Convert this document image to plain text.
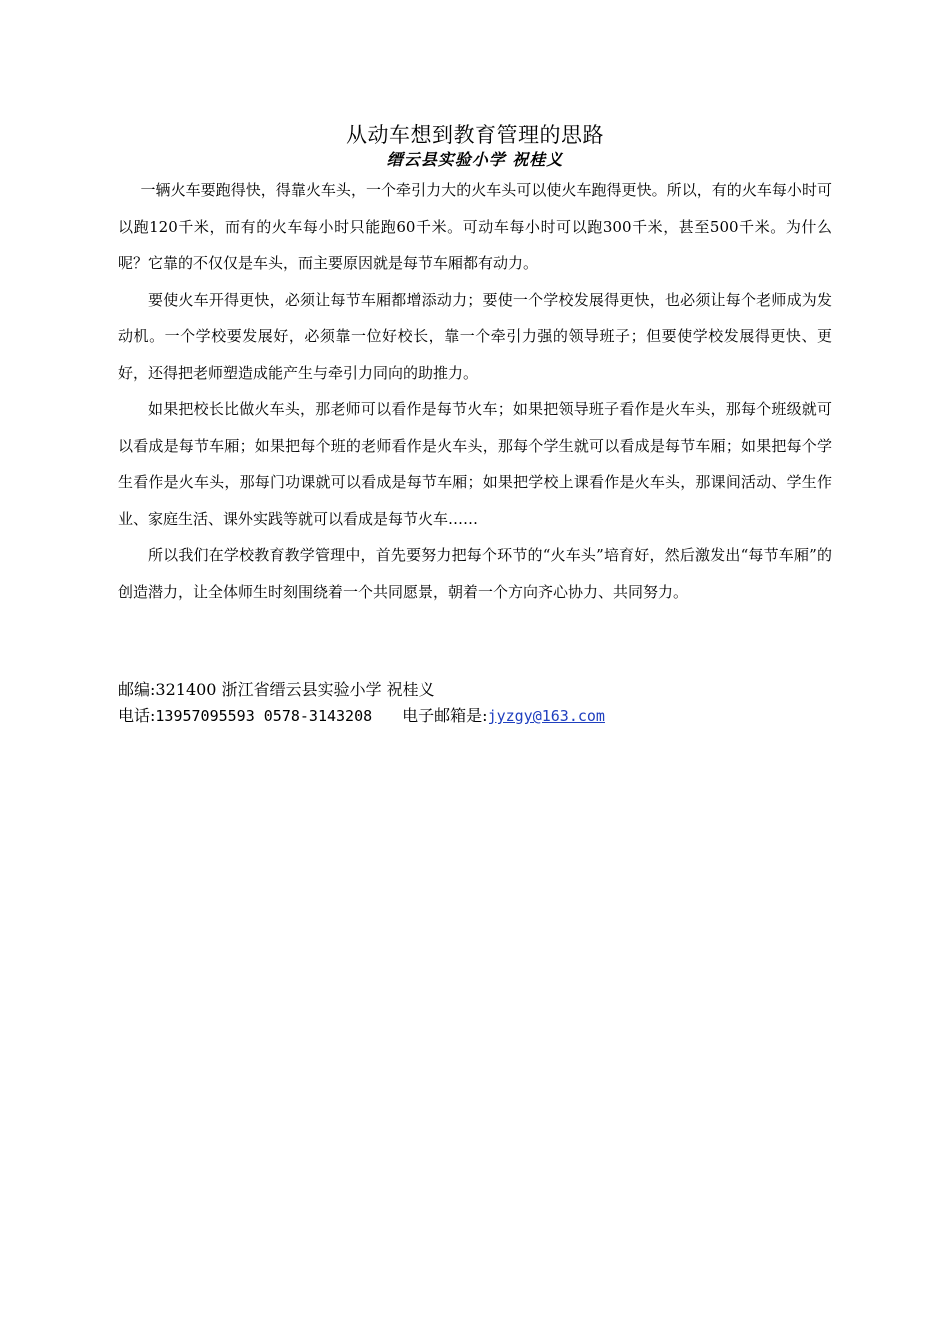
从动车想到教育管理的思路
缙云县实验小学 祝桂义

一辆火车要跑得快，得靠火车头，一个牵引力大的火车头可以使火车跑得更快。所以，有的火车每小时可以跑120千米，而有的火车每小时只能跑60千米。可动车每小时可以跑300千米，甚至500千米。为什么呢？它靠的不仅仅是车头，而主要原因就是每节车厢都有动力。

要使火车开得更快，必须让每节车厢都增添动力；要使一个学校发展得更快，也必须让每个老师成为发动机。一个学校要发展好，必须靠一位好校长，靠一个牵引力强的领导班子；但要使学校发展得更快、更好，还得把老师塑造成能产生与牵引力同向的助推力。

如果把校长比做火车头，那老师可以看作是每节火车；如果把领导班子看作是火车头，那每个班级就可以看成是每节车厢；如果把每个班的老师看作是火车头，那每个学生就可以看成是每节车厢；如果把每个学生看作是火车头，那每门功课就可以看成是每节车厢；如果把学校上课看作是火车头，那课间活动、学生作业、家庭生活、课外实践等就可以看成是每节火车……

所以我们在学校教育教学管理中，首先要努力把每个环节的“火车头”培育好，然后激发出“每节车厢”的创造潜力，让全体师生时刻围绕着一个共同愿景，朝着一个方向齐心协力、共同努力。

邮编:321400 浙江省缙云县实验小学 祝桂义
电话:13957095593 0578-3143208 电子邮箱是:jyzgy@163.com
